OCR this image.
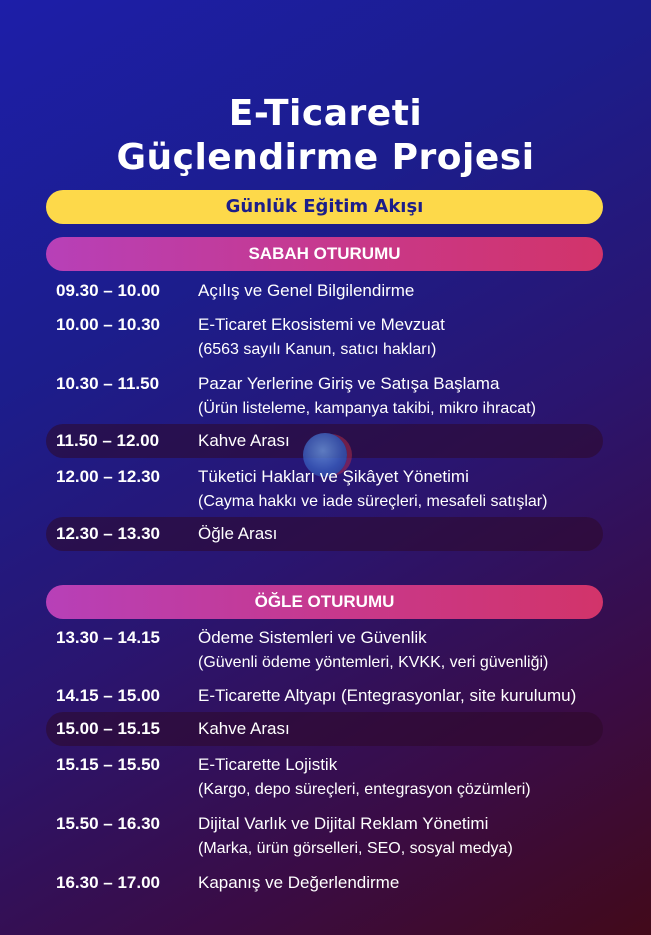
E-Ticareti
Güçlendirme Projesi
Günlük Eğitim Akışı
SABAH OTURUMU
09.30 – 10.00 Açılış ve Genel Bilgilendirme
10.00 – 10.30 E-Ticaret Ekosistemi ve Mevzuat
(6563 sayılı Kanun, satıcı hakları)
10.30 – 11.50 Pazar Yerlerine Giriş ve Satışa Başlama
(Ürün listeleme, kampanya takibi, mikro ihracat)
11.50 – 12.00 Kahve Arası
12.00 – 12.30 Tüketici Hakları ve Şikâyet Yönetimi
(Cayma hakkı ve iade süreçleri, mesafeli satışlar)
12.30 – 13.30 Öğle Arası
ÖĞLE OTURUMU
13.30 – 14.15 Ödeme Sistemleri ve Güvenlik
(Güvenli ödeme yöntemleri, KVKK, veri güvenliği)
14.15 – 15.00 E-Ticarette Altyapı (Entegrasyonlar, site kurulumu)
15.00 – 15.15 Kahve Arası
15.15 – 15.50 E-Ticarette Lojistik
(Kargo, depo süreçleri, entegrasyon çözümleri)
15.50 – 16.30 Dijital Varlık ve Dijital Reklam Yönetimi
(Marka, ürün görselleri, SEO, sosyal medya)
16.30 – 17.00 Kapanış ve Değerlendirme
